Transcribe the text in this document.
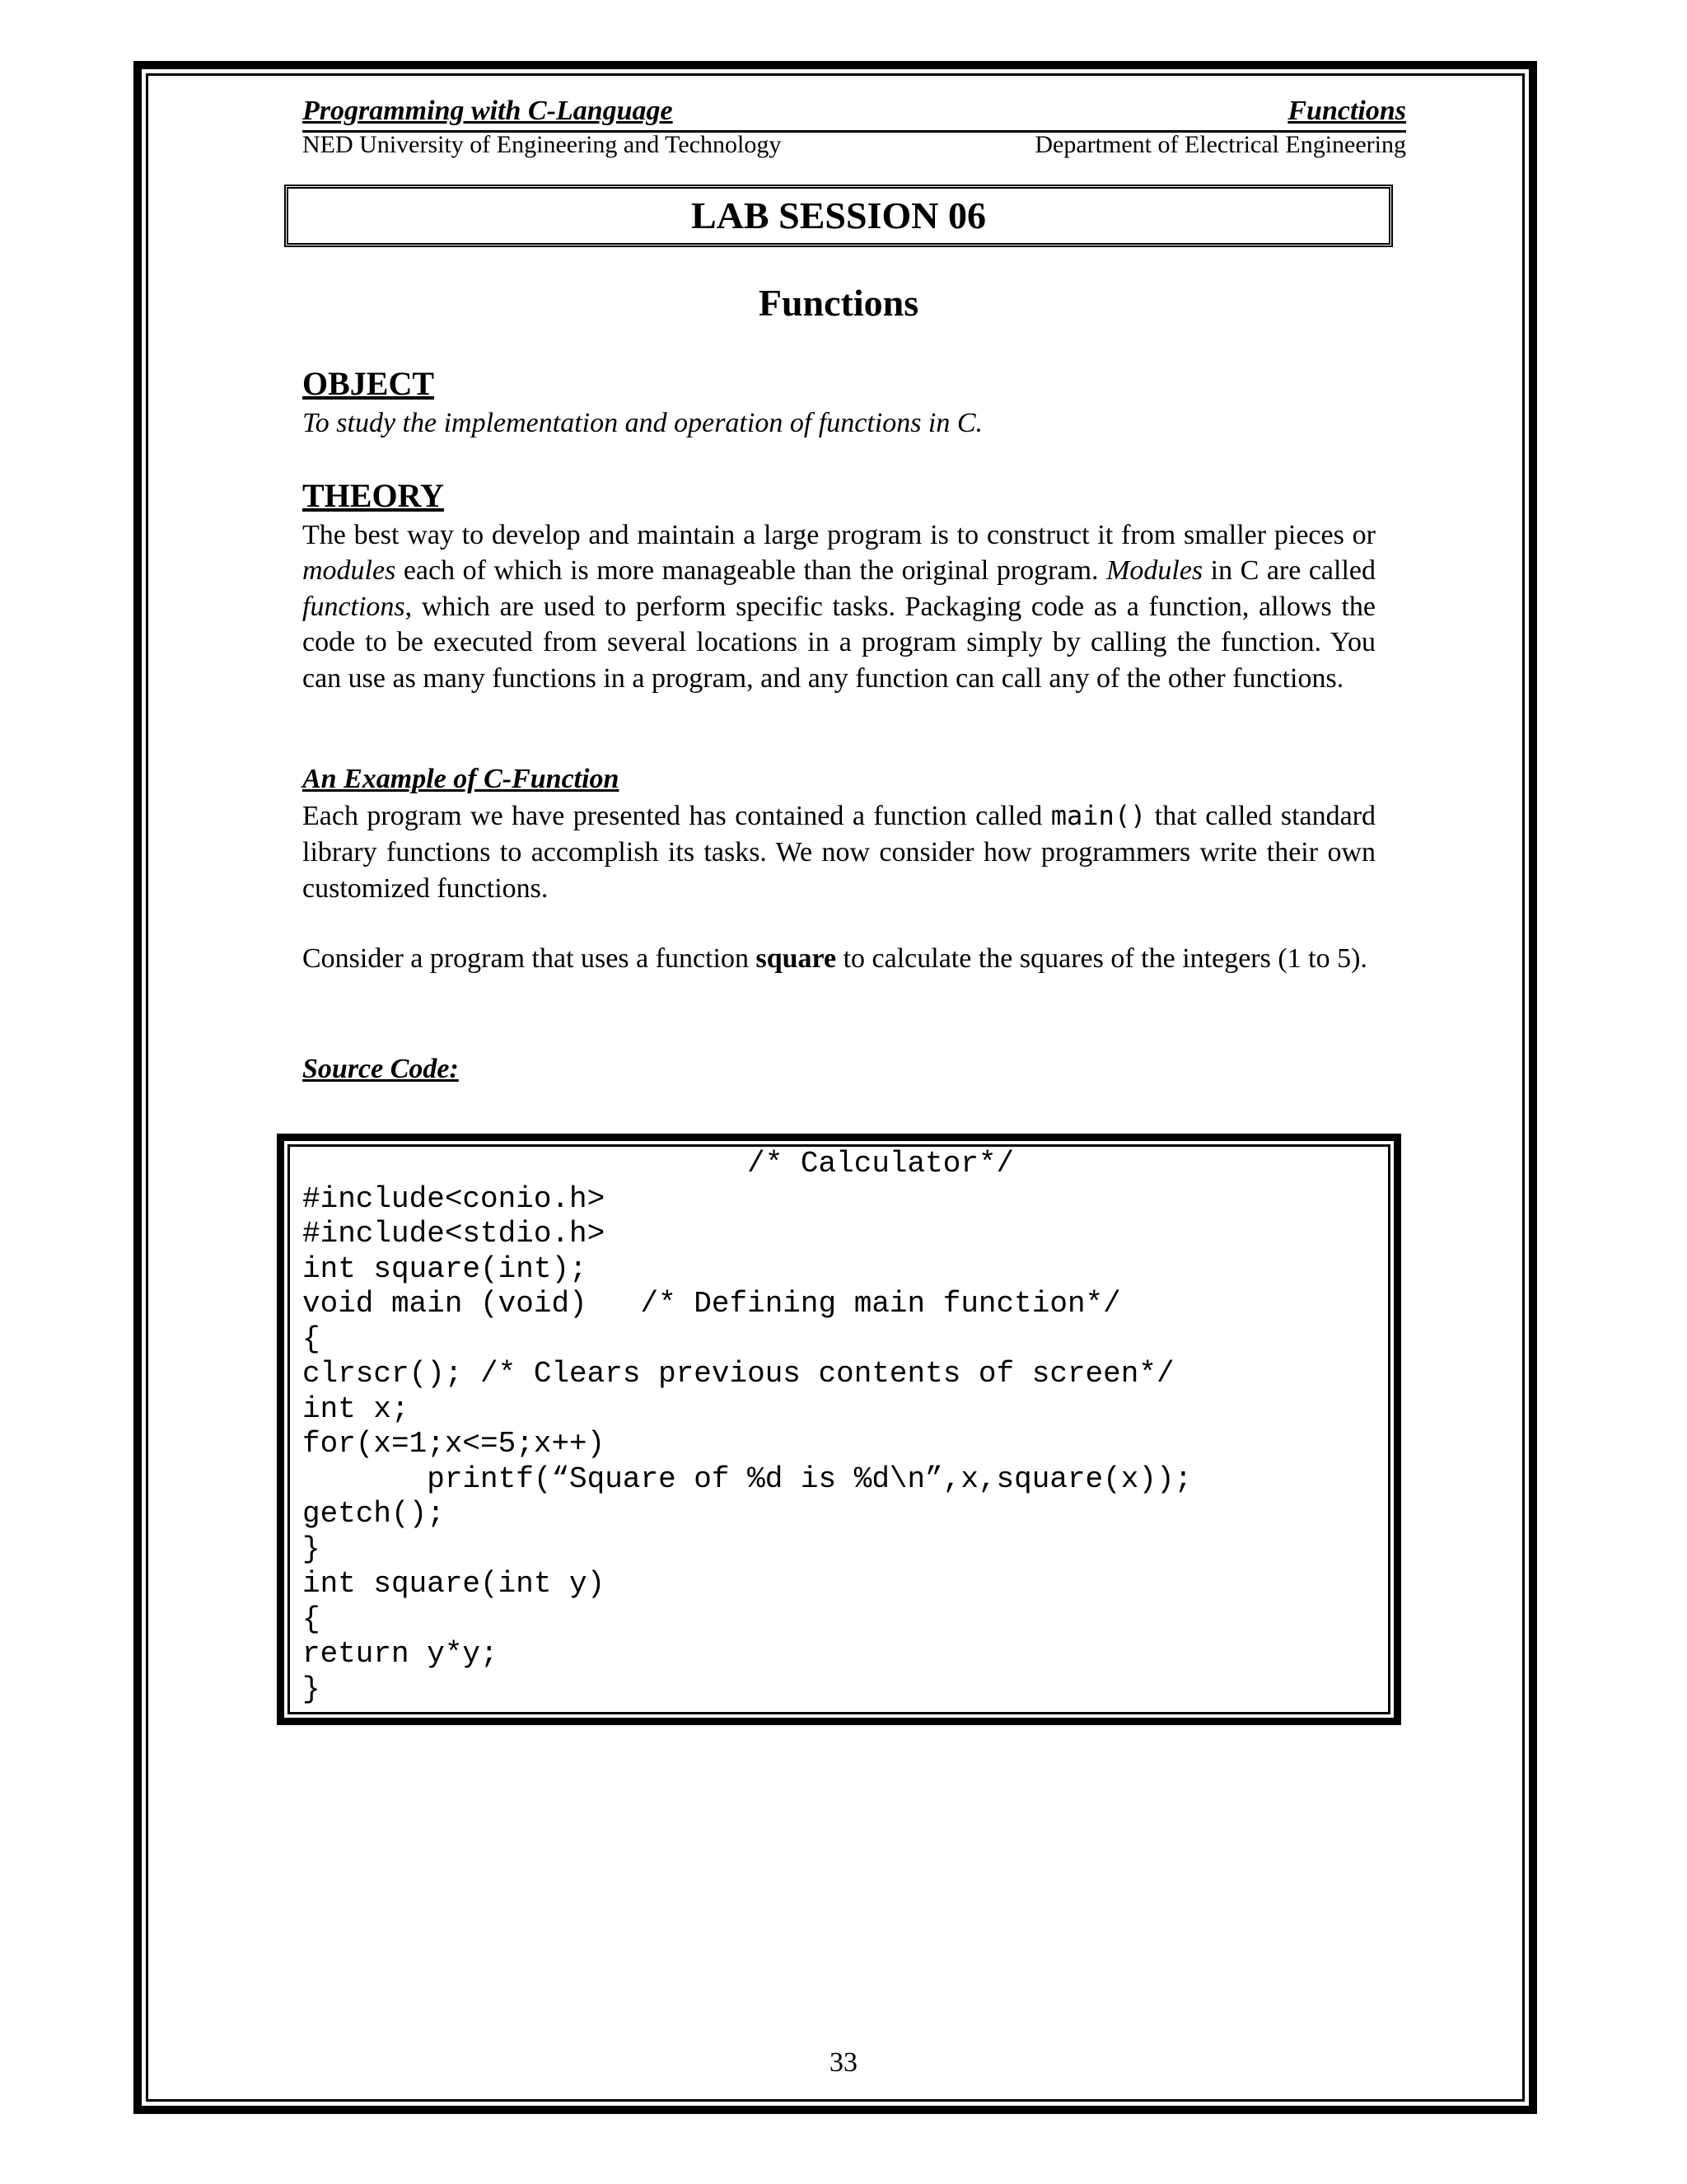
Programming with C-Language	Functions
NED University of Engineering and Technology	Department of Electrical Engineering
LAB SESSION 06
Functions
OBJECT
To study the implementation and operation of functions in C.
THEORY
The best way to develop and maintain a large program is to construct it from smaller pieces or modules each of which is more manageable than the original program. Modules in C are called functions, which are used to perform specific tasks. Packaging code as a function, allows the code to be executed from several locations in a program simply by calling the function. You can use as many functions in a program, and any function can call any of the other functions.
An Example of C-Function
Each program we have presented has contained a function called main() that called standard library functions to accomplish its tasks. We now consider how programmers write their own customized functions.
Consider a program that uses a function square to calculate the squares of the integers (1 to 5).
Source Code:
/* Calculator*/
#include<conio.h>
#include<stdio.h>
int square(int);
void main (void)   /* Defining main function*/
{
clrscr(); /* Clears previous contents of screen*/
int x;
for(x=1;x<=5;x++)
printf(“Square of %d is %d\n”,x,square(x));
getch();
}
int square(int y)
{
return y*y;
}
33
